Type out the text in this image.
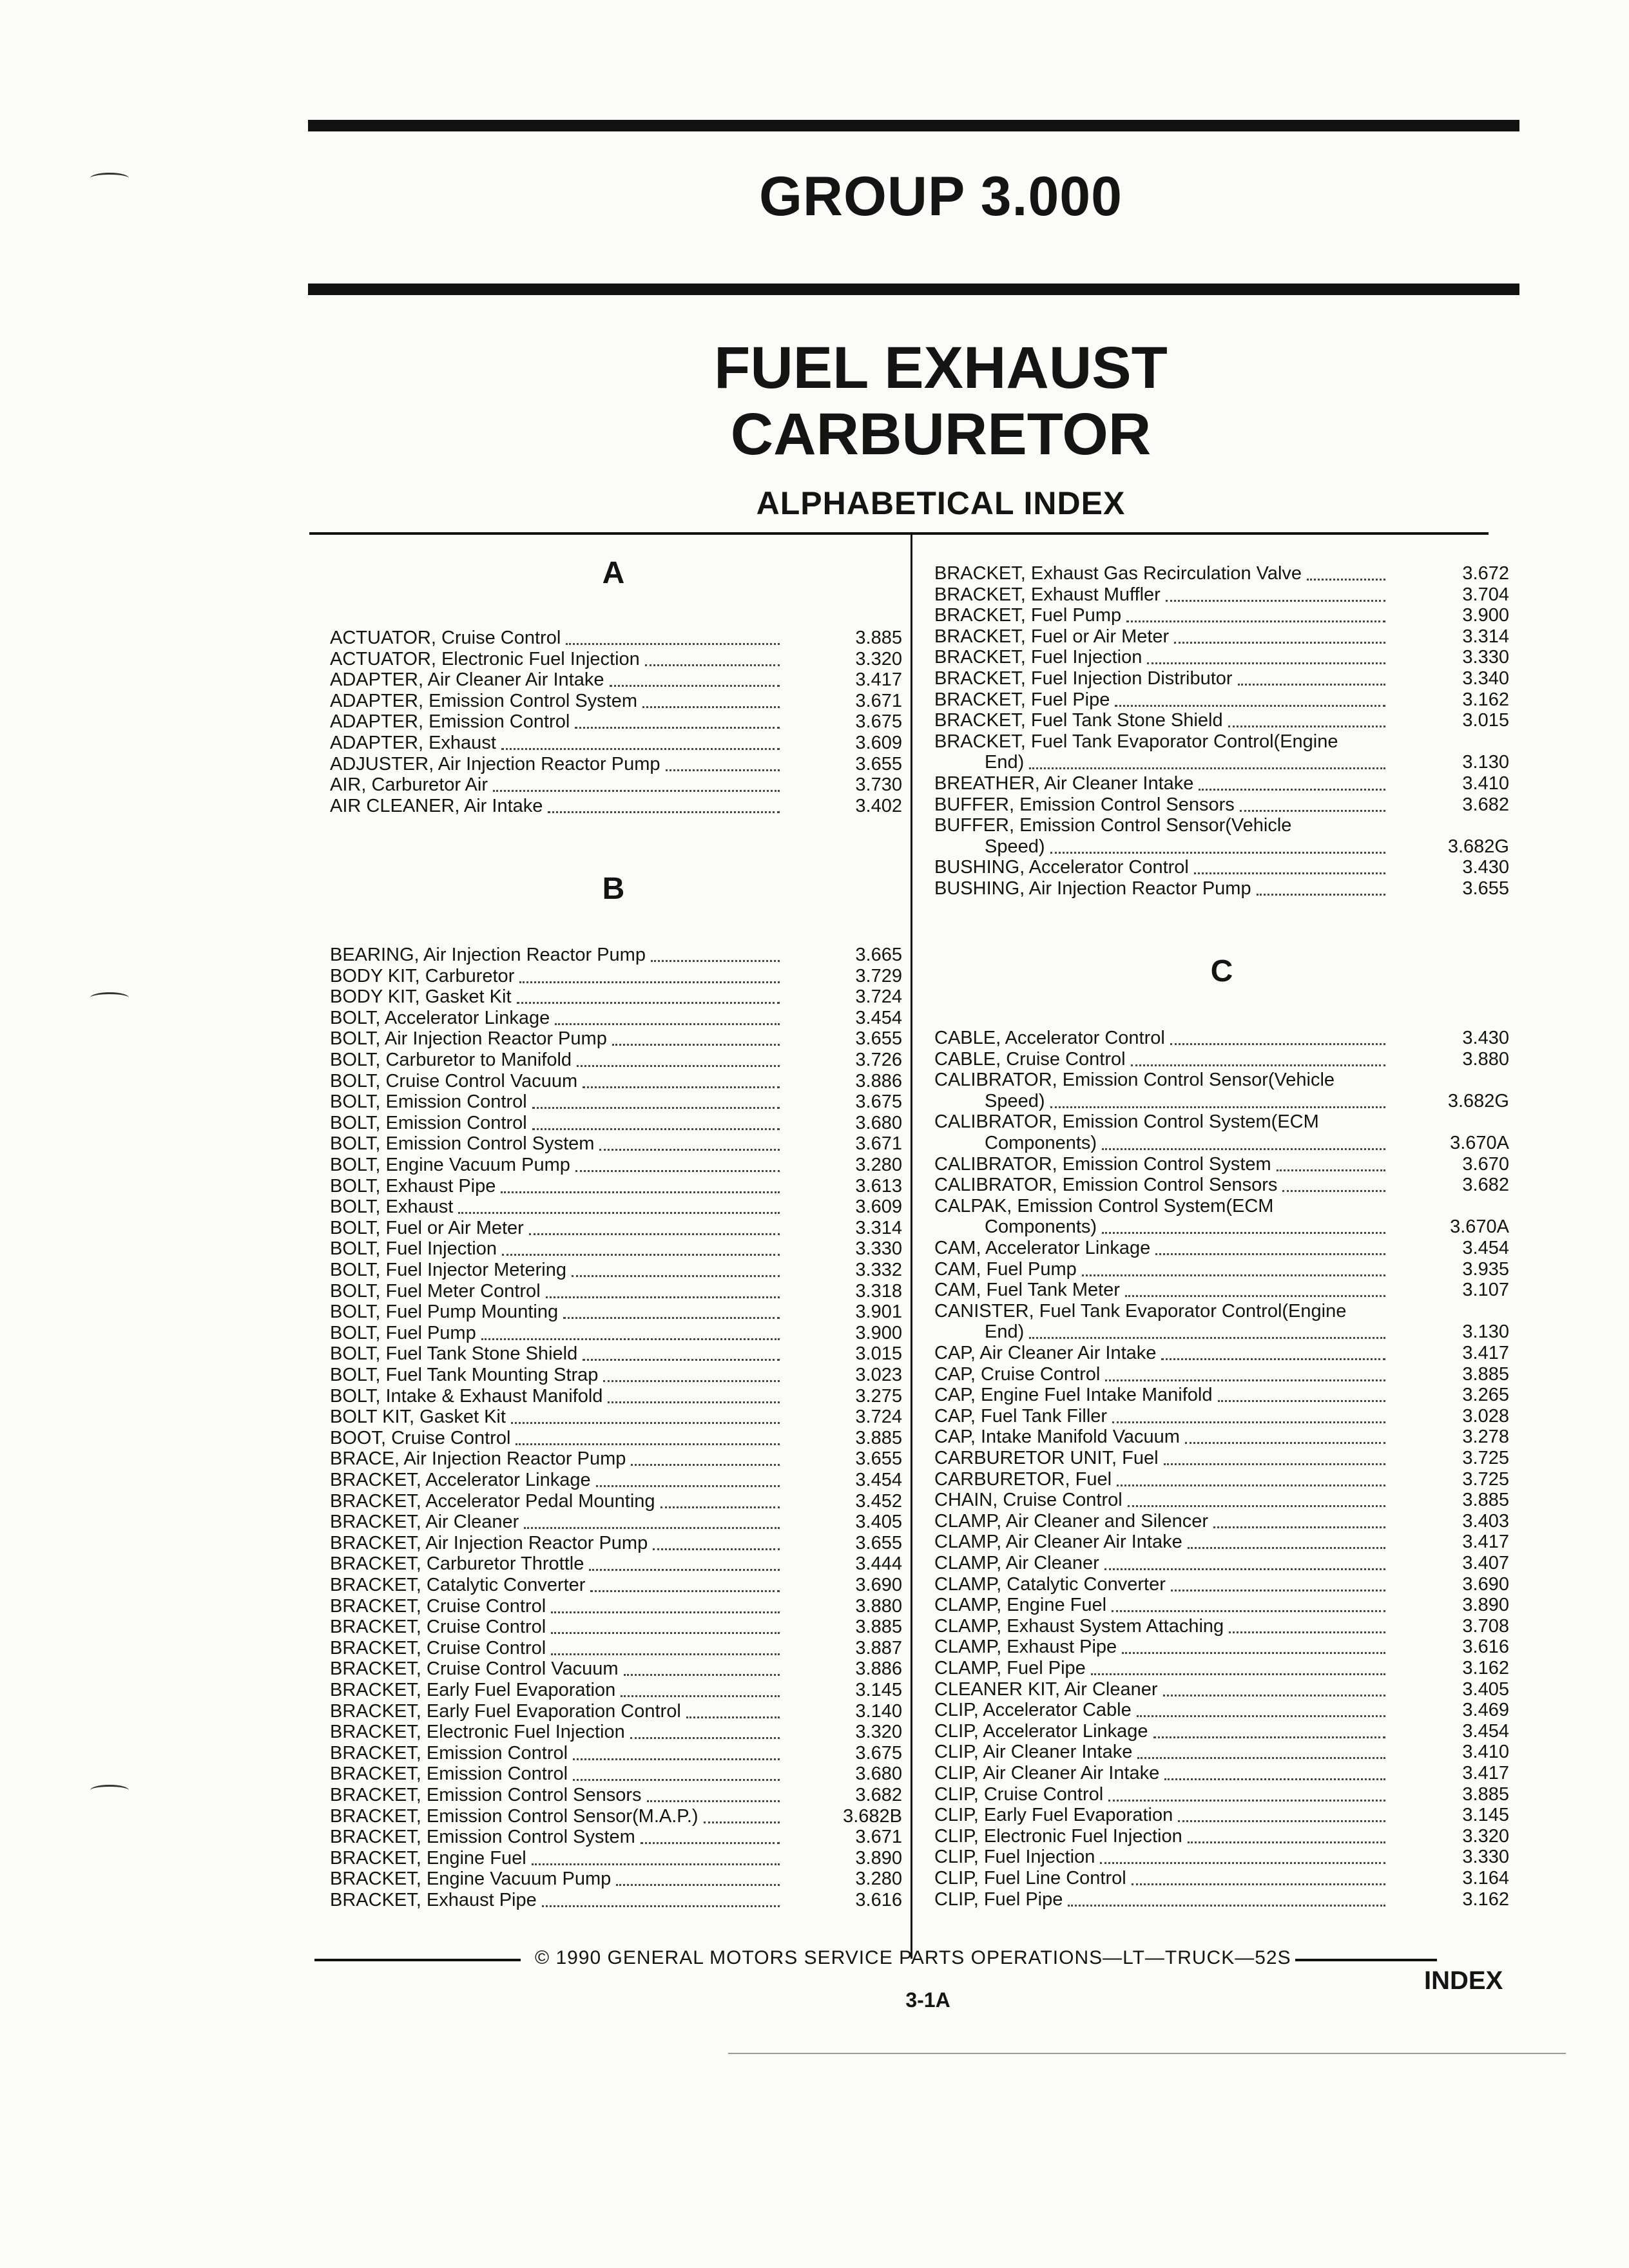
GROUP 3.000
FUEL EXHAUST
CARBURETOR
ALPHABETICAL INDEX
A
ACTUATOR, Cruise Control	3.885
ACTUATOR, Electronic Fuel Injection	3.320
ADAPTER, Air Cleaner Air Intake	3.417
ADAPTER, Emission Control System	3.671
ADAPTER, Emission Control	3.675
ADAPTER, Exhaust	3.609
ADJUSTER, Air Injection Reactor Pump	3.655
AIR, Carburetor Air	3.730
AIR CLEANER, Air Intake	3.402
B
BEARING, Air Injection Reactor Pump	3.665
BODY KIT, Carburetor	3.729
BODY KIT, Gasket Kit	3.724
BOLT, Accelerator Linkage	3.454
BOLT, Air Injection Reactor Pump	3.655
BOLT, Carburetor to Manifold	3.726
BOLT, Cruise Control Vacuum	3.886
BOLT, Emission Control	3.675
BOLT, Emission Control	3.680
BOLT, Emission Control System	3.671
BOLT, Engine Vacuum Pump	3.280
BOLT, Exhaust Pipe	3.613
BOLT, Exhaust	3.609
BOLT, Fuel or Air Meter	3.314
BOLT, Fuel Injection	3.330
BOLT, Fuel Injector Metering	3.332
BOLT, Fuel Meter Control	3.318
BOLT, Fuel Pump Mounting	3.901
BOLT, Fuel Pump	3.900
BOLT, Fuel Tank Stone Shield	3.015
BOLT, Fuel Tank Mounting Strap	3.023
BOLT, Intake & Exhaust Manifold	3.275
BOLT KIT, Gasket Kit	3.724
BOOT, Cruise Control	3.885
BRACE, Air Injection Reactor Pump	3.655
BRACKET, Accelerator Linkage	3.454
BRACKET, Accelerator Pedal Mounting	3.452
BRACKET, Air Cleaner	3.405
BRACKET, Air Injection Reactor Pump	3.655
BRACKET, Carburetor Throttle	3.444
BRACKET, Catalytic Converter	3.690
BRACKET, Cruise Control	3.880
BRACKET, Cruise Control	3.885
BRACKET, Cruise Control	3.887
BRACKET, Cruise Control Vacuum	3.886
BRACKET, Early Fuel Evaporation	3.145
BRACKET, Early Fuel Evaporation Control	3.140
BRACKET, Electronic Fuel Injection	3.320
BRACKET, Emission Control	3.675
BRACKET, Emission Control	3.680
BRACKET, Emission Control Sensors	3.682
BRACKET, Emission Control Sensor(M.A.P.)	3.682B
BRACKET, Emission Control System	3.671
BRACKET, Engine Fuel	3.890
BRACKET, Engine Vacuum Pump	3.280
BRACKET, Exhaust Pipe	3.616
BRACKET, Exhaust Gas Recirculation Valve	3.672
BRACKET, Exhaust Muffler	3.704
BRACKET, Fuel Pump	3.900
BRACKET, Fuel or Air Meter	3.314
BRACKET, Fuel Injection	3.330
BRACKET, Fuel Injection Distributor	3.340
BRACKET, Fuel Pipe	3.162
BRACKET, Fuel Tank Stone Shield	3.015
BRACKET, Fuel Tank Evaporator Control(Engine
End)	3.130
BREATHER, Air Cleaner Intake	3.410
BUFFER, Emission Control Sensors	3.682
BUFFER, Emission Control Sensor(Vehicle
Speed)	3.682G
BUSHING, Accelerator Control	3.430
BUSHING, Air Injection Reactor Pump	3.655
C
CABLE, Accelerator Control	3.430
CABLE, Cruise Control	3.880
CALIBRATOR, Emission Control Sensor(Vehicle
Speed)	3.682G
CALIBRATOR, Emission Control System(ECM
Components)	3.670A
CALIBRATOR, Emission Control System	3.670
CALIBRATOR, Emission Control Sensors	3.682
CALPAK, Emission Control System(ECM
Components)	3.670A
CAM, Accelerator Linkage	3.454
CAM, Fuel Pump	3.935
CAM, Fuel Tank Meter	3.107
CANISTER, Fuel Tank Evaporator Control(Engine
End)	3.130
CAP, Air Cleaner Air Intake	3.417
CAP, Cruise Control	3.885
CAP, Engine Fuel Intake Manifold	3.265
CAP, Fuel Tank Filler	3.028
CAP, Intake Manifold Vacuum	3.278
CARBURETOR UNIT, Fuel	3.725
CARBURETOR, Fuel	3.725
CHAIN, Cruise Control	3.885
CLAMP, Air Cleaner and Silencer	3.403
CLAMP, Air Cleaner Air Intake	3.417
CLAMP, Air Cleaner	3.407
CLAMP, Catalytic Converter	3.690
CLAMP, Engine Fuel	3.890
CLAMP, Exhaust System Attaching	3.708
CLAMP, Exhaust Pipe	3.616
CLAMP, Fuel Pipe	3.162
CLEANER KIT, Air Cleaner	3.405
CLIP, Accelerator Cable	3.469
CLIP, Accelerator Linkage	3.454
CLIP, Air Cleaner Intake	3.410
CLIP, Air Cleaner Air Intake	3.417
CLIP, Cruise Control	3.885
CLIP, Early Fuel Evaporation	3.145
CLIP, Electronic Fuel Injection	3.320
CLIP, Fuel Injection	3.330
CLIP, Fuel Line Control	3.164
CLIP, Fuel Pipe	3.162
© 1990 GENERAL MOTORS SERVICE PARTS OPERATIONS—LT—TRUCK—52S
3-1A
INDEX
